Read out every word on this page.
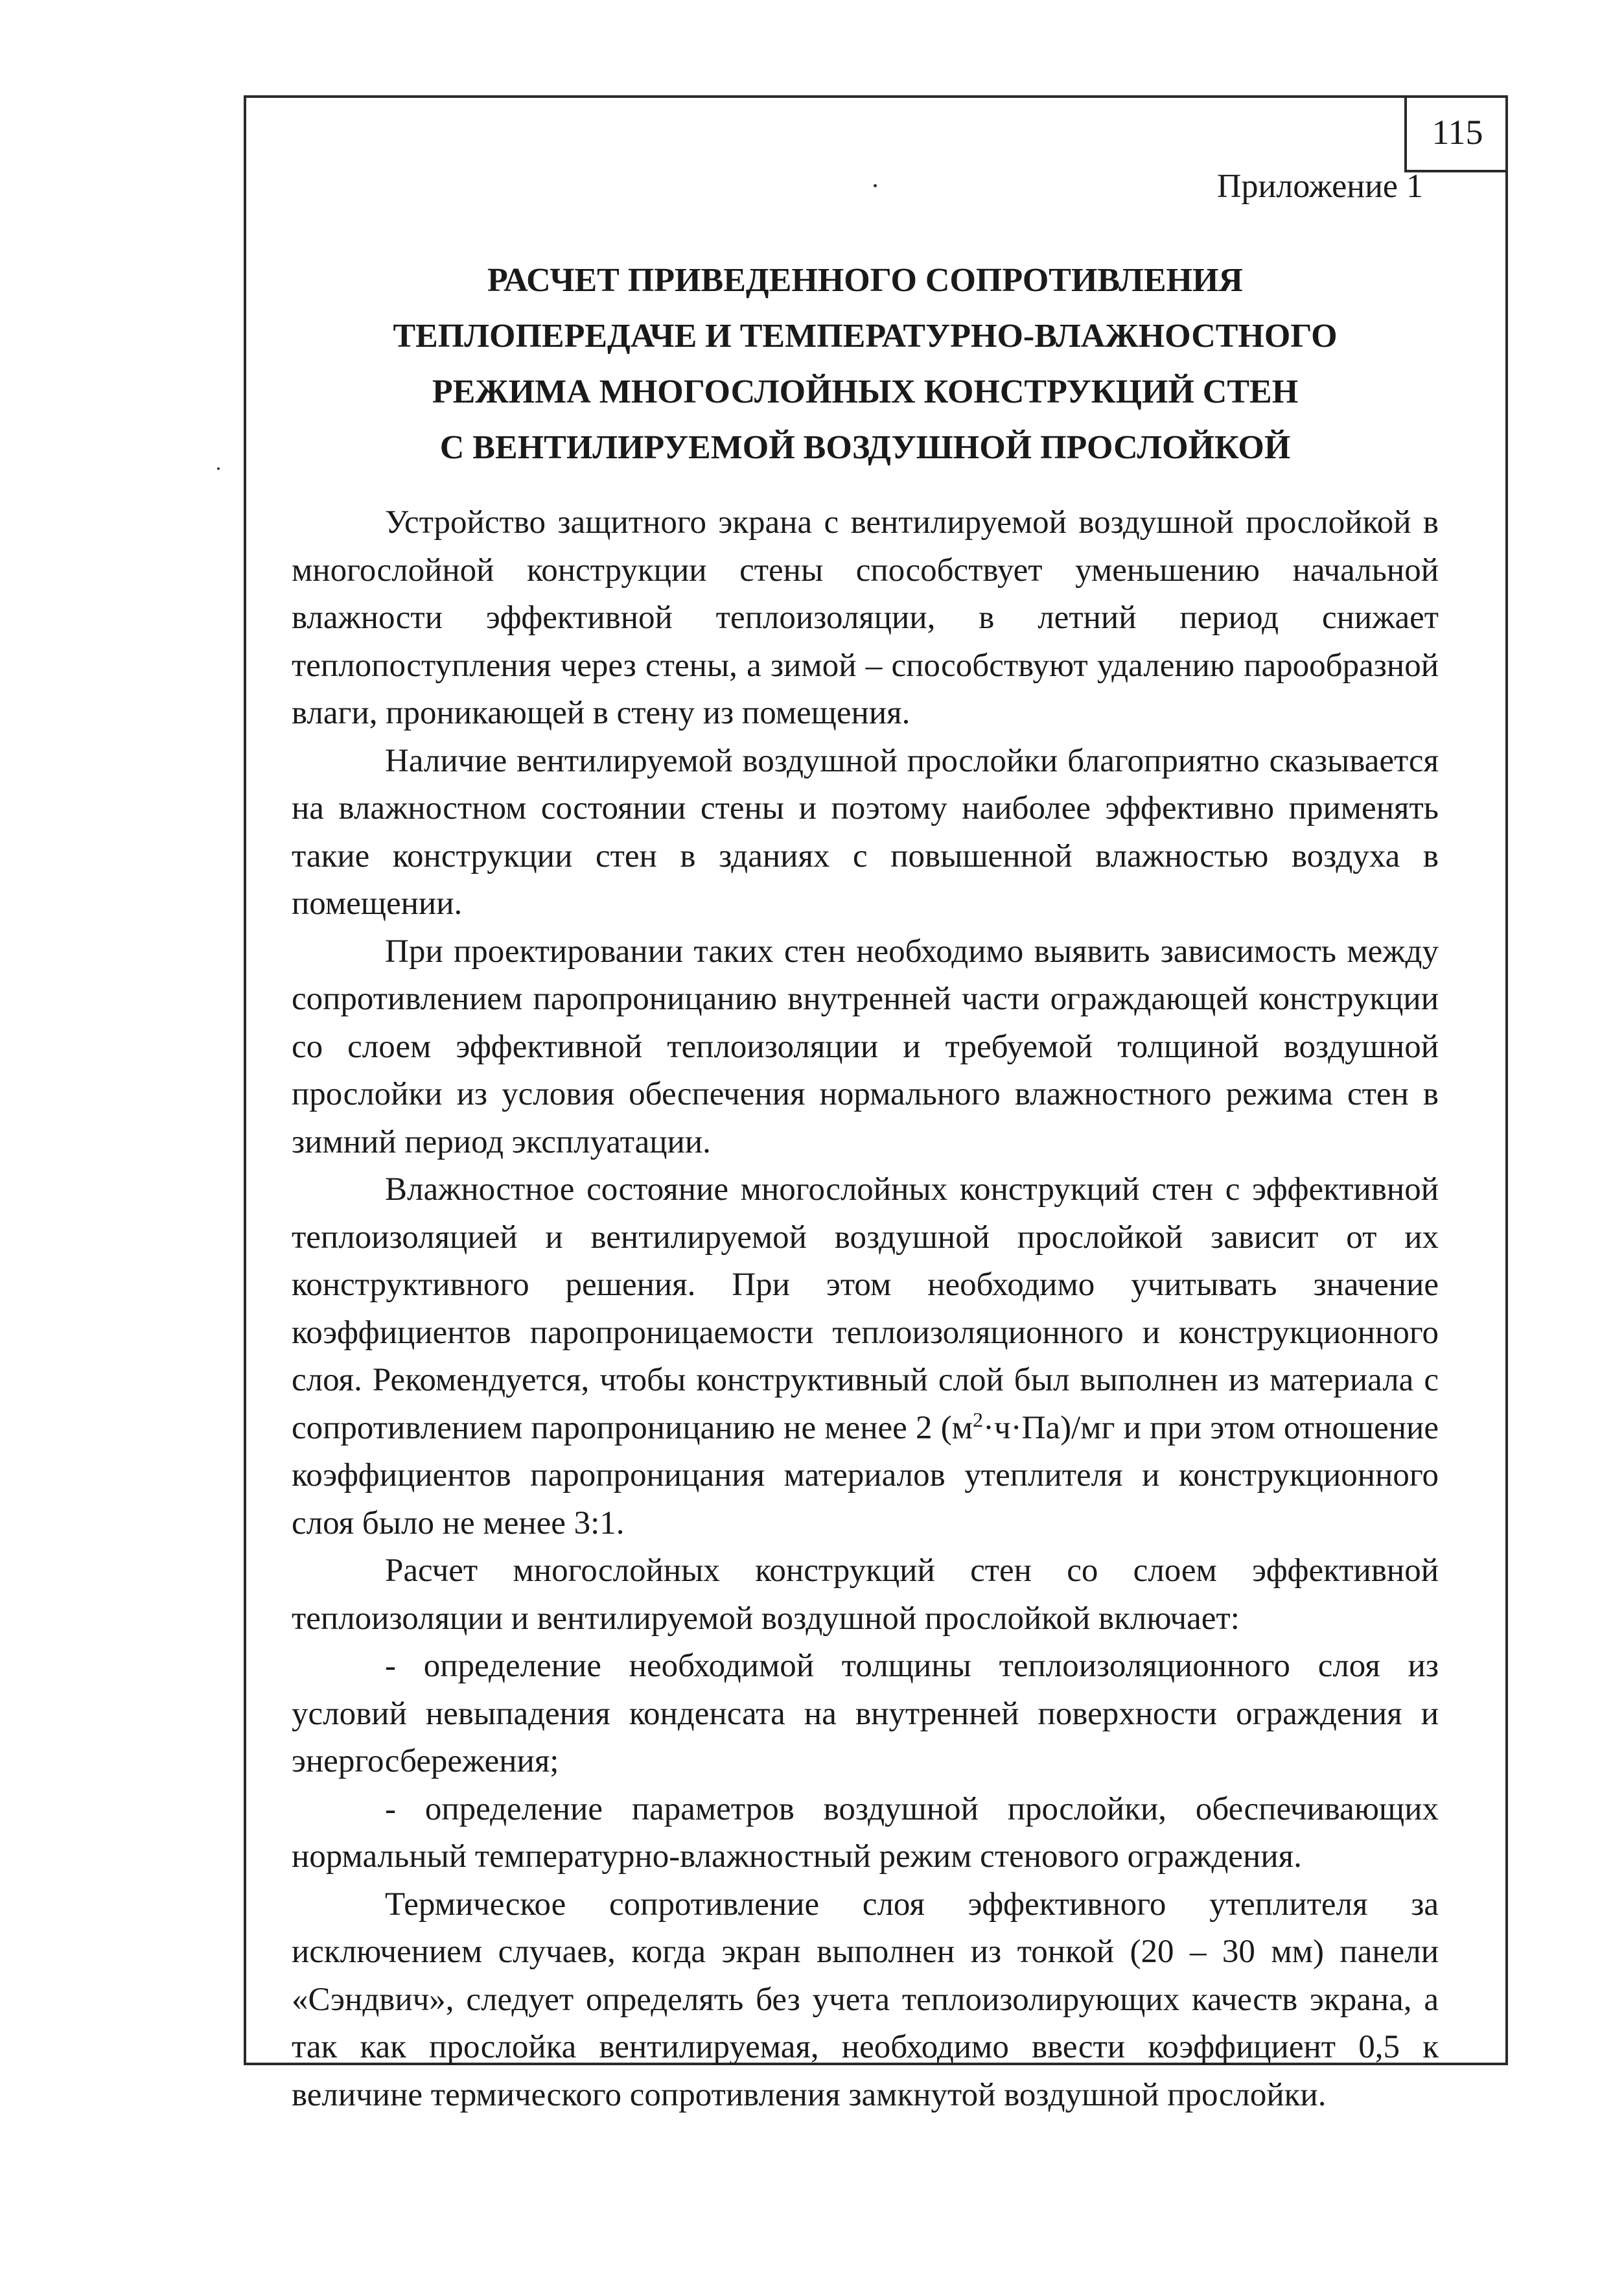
115
Приложение 1
РАСЧЕТ ПРИВЕДЕННОГО СОПРОТИВЛЕНИЯ
ТЕПЛОПЕРЕДАЧЕ И ТЕМПЕРАТУРНО-ВЛАЖНОСТНОГО
РЕЖИМА МНОГОСЛОЙНЫХ КОНСТРУКЦИЙ СТЕН
С ВЕНТИЛИРУЕМОЙ ВОЗДУШНОЙ ПРОСЛОЙКОЙ

Устройство защитного экрана с вентилируемой воздушной прослойкой в многослойной конструкции стены способствует уменьшению начальной влажности эффективной теплоизоляции, в летний период снижает теплопоступления через стены, а зимой – способствуют удалению парообразной влаги, проникающей в стену из помещения.

Наличие вентилируемой воздушной прослойки благоприятно сказывается на влажностном состоянии стены и поэтому наиболее эффективно применять такие конструкции стен в зданиях с повышенной влажностью воздуха в помещении.

При проектировании таких стен необходимо выявить зависимость между сопротивлением паропроницанию внутренней части ограждающей конструкции со слоем эффективной теплоизоляции и требуемой толщиной воздушной прослойки из условия обеспечения нормального влажностного режима стен в зимний период эксплуатации.

Влажностное состояние многослойных конструкций стен с эффективной теплоизоляцией и вентилируемой воздушной прослойкой зависит от их конструктивного решения. При этом необходимо учитывать значение коэффициентов паропроницаемости теплоизоляционного и конструкционного слоя. Рекомендуется, чтобы конструктивный слой был выполнен из материала с сопротивлением паропроницанию не менее 2 $(м^2\cdot ч\cdot Па)/мг$ и при этом отношение коэффициентов паропроницания материалов утеплителя и конструкционного слоя было не менее 3:1.

Расчет многослойных конструкций стен со слоем эффективной теплоизоляции и вентилируемой воздушной прослойкой включает:

- определение необходимой толщины теплоизоляционного слоя из условий невыпадения конденсата на внутренней поверхности ограждения и энергосбережения;

- определение параметров воздушной прослойки, обеспечивающих нормальный температурно-влажностный режим стенового ограждения.

Термическое сопротивление слоя эффективного утеплителя за исключением случаев, когда экран выполнен из тонкой (20 – 30 мм) панели «Сэндвич», следует определять без учета теплоизолирующих качеств экрана, а так как прослойка вентилируемая, необходимо ввести коэффициент 0,5 к величине термического сопротивления замкнутой воздушной прослойки.
